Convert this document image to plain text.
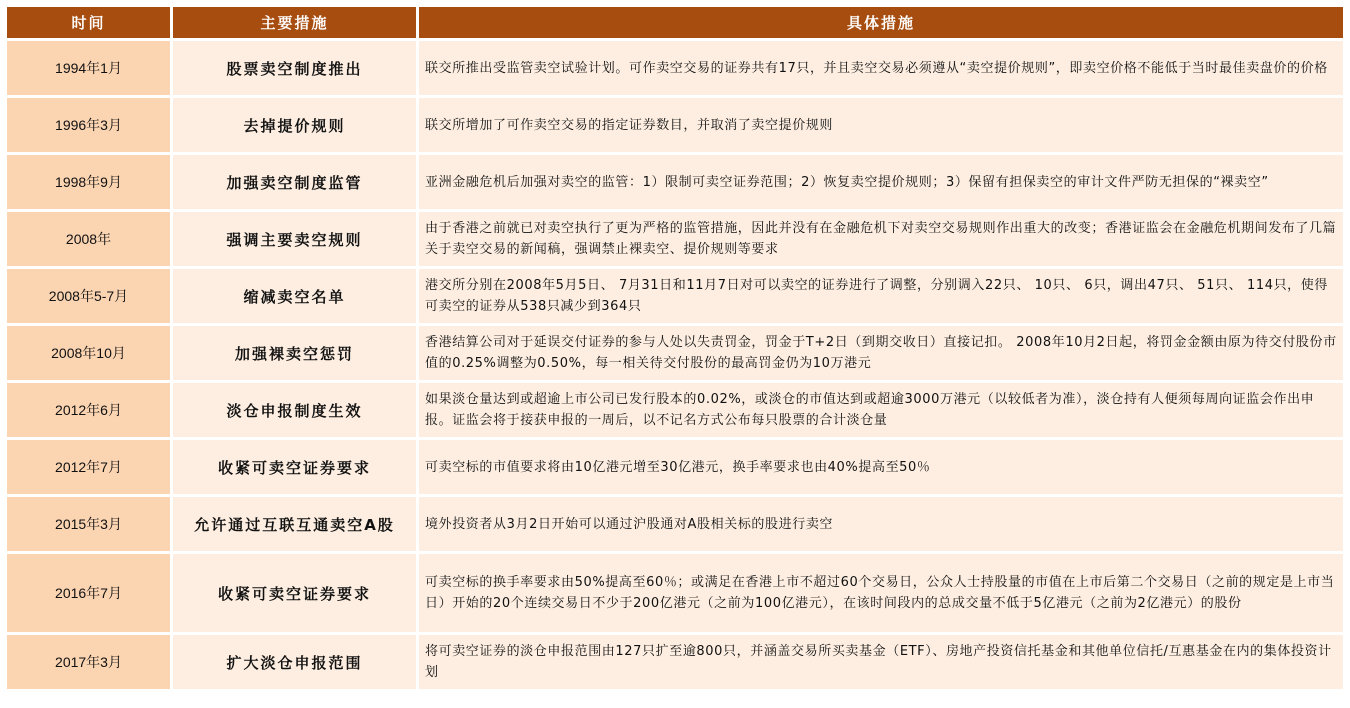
时间	主要措施	具体措施
1994年1月	股票卖空制度推出	联交所推出受监管卖空试验计划。可作卖空交易的证券共有17只，并且卖空交易必须遵从“卖空提价规则”，即卖空价格不能低于当时最佳卖盘价的价格
1996年3月	去掉提价规则	联交所增加了可作卖空交易的指定证券数目，并取消了卖空提价规则
1998年9月	加强卖空制度监管	亚洲金融危机后加强对卖空的监管：1）限制可卖空证券范围；2）恢复卖空提价规则；3）保留有担保卖空的审计文件严防无担保的“裸卖空”
2008年	强调主要卖空规则	由于香港之前就已对卖空执行了更为严格的监管措施，因此并没有在金融危机下对卖空交易规则作出重大的改变；香港证监会在金融危机期间发布了几篇关于卖空交易的新闻稿，强调禁止裸卖空、提价规则等要求
2008年5-7月	缩减卖空名单	港交所分别在2008年5月5日、 7月31日和11月7日对可以卖空的证券进行了调整，分别调入22只、 10只、 6只，调出47只、 51只、 114只，使得可卖空的证券从538只减少到364只
2008年10月	加强裸卖空惩罚	香港结算公司对于延误交付证券的参与人处以失责罚金，罚金于T+2日（到期交收日）直接记扣。 2008年10月2日起，将罚金金额由原为待交付股份市值的0.25%调整为0.50%，每一相关待交付股份的最高罚金仍为10万港元
2012年6月	淡仓申报制度生效	如果淡仓量达到或超逾上市公司已发行股本的0.02%，或淡仓的市值达到或超逾3000万港元（以较低者为准），淡仓持有人便须每周向证监会作出申报。证监会将于接获申报的一周后，以不记名方式公布每只股票的合计淡仓量
2012年7月	收紧可卖空证券要求	可卖空标的市值要求将由10亿港元增至30亿港元，换手率要求也由40%提高至50％
2015年3月	允许通过互联互通卖空A股	境外投资者从3月2日开始可以通过沪股通对A股相关标的股进行卖空
2016年7月	收紧可卖空证券要求	可卖空标的换手率要求由50%提高至60％；或满足在香港上市不超过60个交易日，公众人士持股量的市值在上市后第二个交易日（之前的规定是上市当日）开始的20个连续交易日不少于200亿港元（之前为100亿港元），在该时间段内的总成交量不低于5亿港元（之前为2亿港元）的股份
2017年3月	扩大淡仓申报范围	将可卖空证券的淡仓申报范围由127只扩至逾800只，并涵盖交易所买卖基金（ETF）、房地产投资信托基金和其他单位信托/互惠基金在内的集体投资计划
